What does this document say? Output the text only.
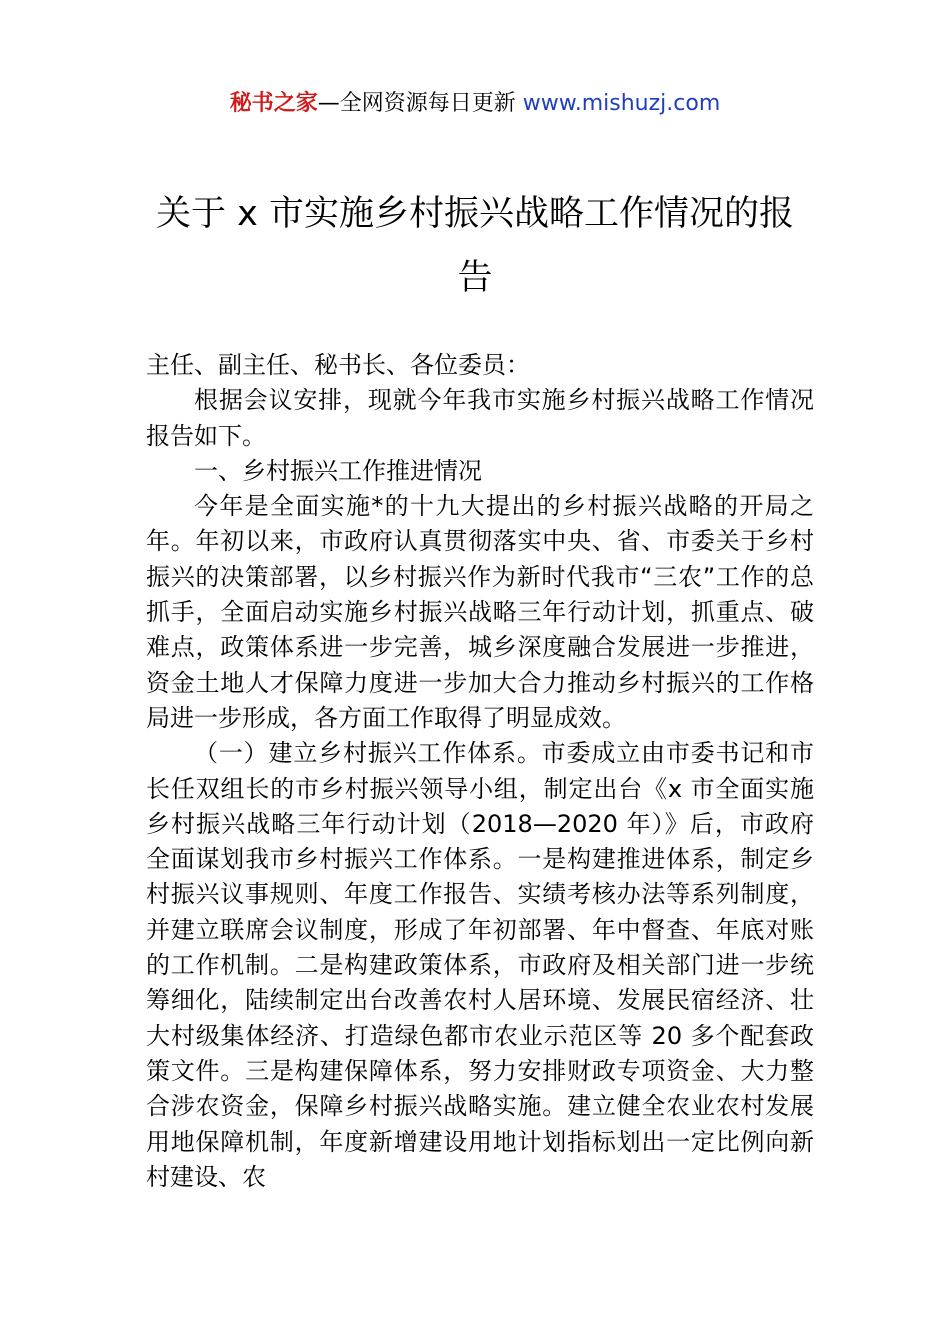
秘书之家—全网资源每日更新 www.mishuzj.com
关于 x 市实施乡村振兴战略工作情况的报告

主任、副主任、秘书长、各位委员：

根据会议安排，现就今年我市实施乡村振兴战略工作情况报告如下。

一、乡村振兴工作推进情况

今年是全面实施*的十九大提出的乡村振兴战略的开局之年。年初以来，市政府认真贯彻落实中央、省、市委关于乡村振兴的决策部署，以乡村振兴作为新时代我市“三农”工作的总抓手，全面启动实施乡村振兴战略三年行动计划，抓重点、破难点，政策体系进一步完善，城乡深度融合发展进一步推进，资金土地人才保障力度进一步加大合力推动乡村振兴的工作格局进一步形成，各方面工作取得了明显成效。

（一）建立乡村振兴工作体系。市委成立由市委书记和市长任双组长的市乡村振兴领导小组，制定出台《x 市全面实施乡村振兴战略三年行动计划（2018—2020 年）》后，市政府全面谋划我市乡村振兴工作体系。一是构建推进体系，制定乡村振兴议事规则、年度工作报告、实绩考核办法等系列制度，并建立联席会议制度，形成了年初部署、年中督查、年底对账的工作机制。二是构建政策体系，市政府及相关部门进一步统筹细化，陆续制定出台改善农村人居环境、发展民宿经济、壮大村级集体经济、打造绿色都市农业示范区等 20 多个配套政策文件。三是构建保障体系，努力安排财政专项资金、大力整合涉农资金，保障乡村振兴战略实施。建立健全农业农村发展用地保障机制，年度新增建设用地计划指标划出一定比例向新村建设、农
